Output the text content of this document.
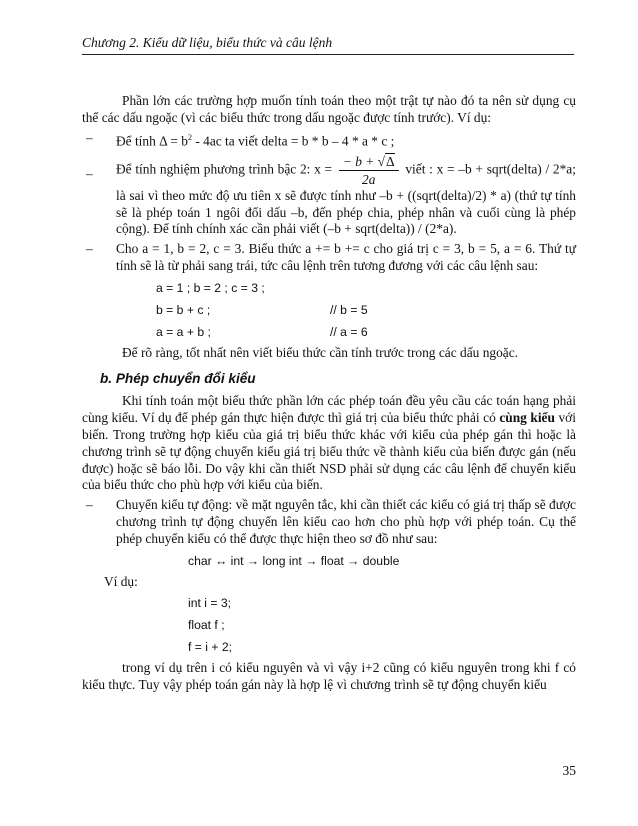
Chương 2. Kiểu dữ liệu, biểu thức và câu lệnh

Phần lớn các trường hợp muốn tính toán theo một trật tự nào đó ta nên sử dụng cụ thể các dấu ngoặc (vì các biểu thức trong dấu ngoặc được tính trước). Ví dụ:

– Để tính $\Delta = b^2 - 4ac$ ta viết delta = b * b – 4 * a * c ;

– Để tính nghiệm phương trình bậc 2: $x = \frac{- b + √\Delta}{2a}$ viết : x = –b + sqrt(delta) / 2*a; là sai vì theo mức độ ưu tiên x sẽ được tính như –b + ((sqrt(delta)/2) * a) (thứ tự tính sẽ là phép toán 1 ngôi đổi dấu –b, đến phép chia, phép nhân và cuối cùng là phép cộng). Để tính chính xác cần phải viết (–b + sqrt(delta)) / (2*a).

– Cho a = 1, b = 2, c = 3. Biểu thức a += b += c cho giá trị c = 3, b = 5, a = 6. Thứ tự tính sẽ là từ phải sang trái, tức câu lệnh trên tương đương với các câu lệnh sau:

a = 1 ; b = 2 ; c = 3 ;
b = b + c ;	// b = 5
a = a + b ;	// a = 6

Để rõ ràng, tốt nhất nên viết biểu thức cần tính trước trong các dấu ngoặc.

b. Phép chuyển đổi kiểu

Khi tính toán một biểu thức phần lớn các phép toán đều yêu cầu các toán hạng phải cùng kiểu. Ví dụ để phép gán thực hiện được thì giá trị của biểu thức phải có cùng kiểu với biến. Trong trường hợp kiểu của giá trị biểu thức khác với kiểu của phép gán thì hoặc là chương trình sẽ tự động chuyển kiểu giá trị biểu thức về thành kiểu của biến được gán (nếu được) hoặc sẽ báo lỗi. Do vậy khi cần thiết NSD phải sử dụng các câu lệnh để chuyển kiểu của biểu thức cho phù hợp với kiểu của biến.

– Chuyển kiểu tự động: về mặt nguyên tắc, khi cần thiết các kiểu có giá trị thấp sẽ được chương trình tự động chuyển lên kiểu cao hơn cho phù hợp với phép toán. Cụ thể phép chuyển kiểu có thể được thực hiện theo sơ đồ như sau:

char ↔ int → long int → float → double

Ví dụ:

int i = 3;
float f ;
f = i + 2;

trong ví dụ trên i có kiểu nguyên và vì vậy i+2 cũng có kiểu nguyên trong khi f có kiểu thực. Tuy vậy phép toán gán này là hợp lệ vì chương trình sẽ tự động chuyển kiểu

35
